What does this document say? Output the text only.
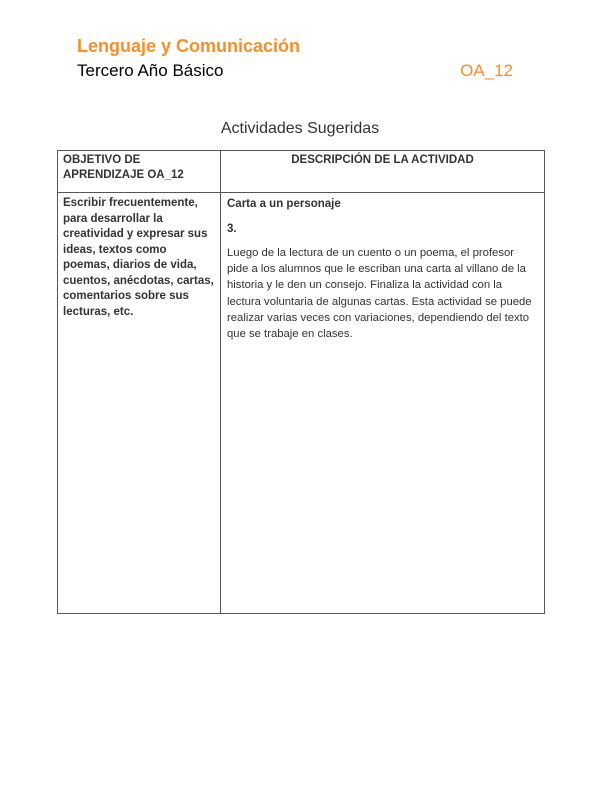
Lenguaje y Comunicación
Tercero Año Básico	OA_12
Actividades Sugeridas
OBJETIVO DE APRENDIZAJE OA_12	DESCRIPCIÓN DE LA ACTIVIDAD
Escribir frecuentemente, para desarrollar la creatividad y expresar sus ideas, textos como poemas, diarios de vida, cuentos, anécdotas, cartas, comentarios sobre sus lecturas, etc.	Carta a un personaje
3.
Luego de la lectura de un cuento o un poema, el profesor pide a los alumnos que le escriban una carta al villano de la historia y le den un consejo. Finaliza la actividad con la lectura voluntaria de algunas cartas. Esta actividad se puede realizar varias veces con variaciones, dependiendo del texto que se trabaje en clases.
